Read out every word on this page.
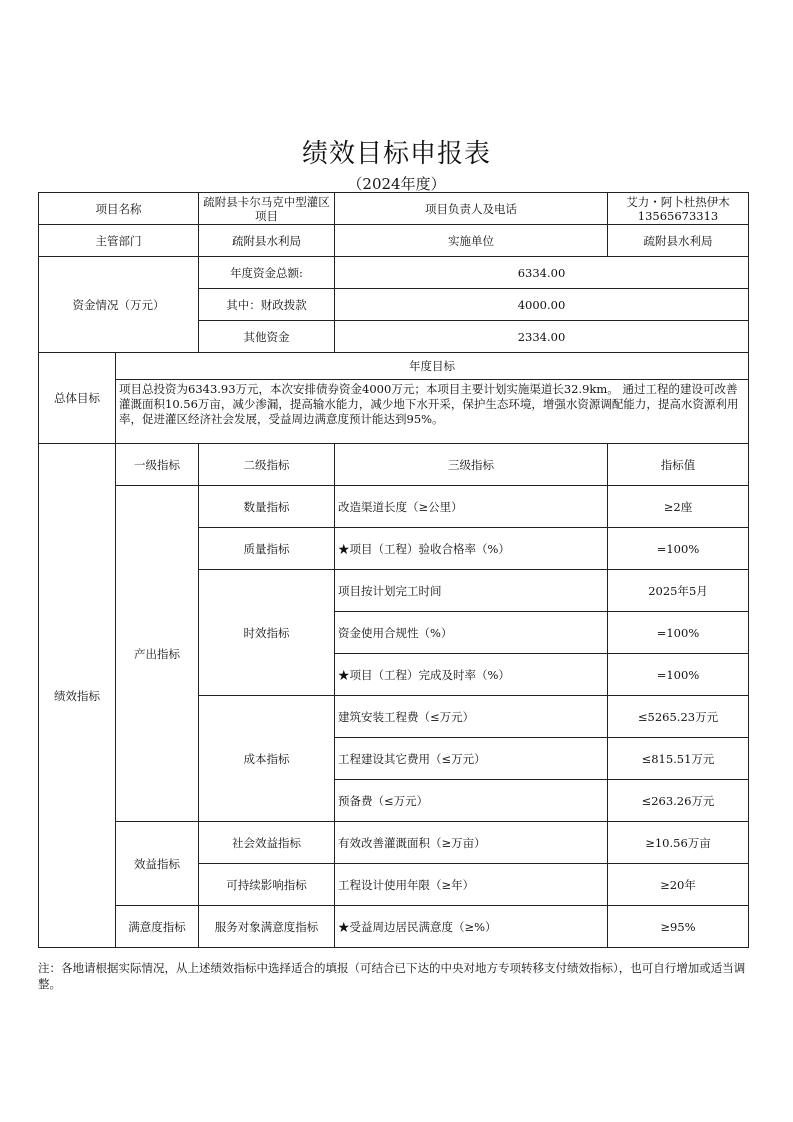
绩效目标申报表
（2024年度）
项目名称		疏附县卡尔马克中型灌区项目	项目负责人及电话	艾力・阿卜杜热伊木 13565673313
主管部门		疏附县水利局	实施单位	疏附县水利局
资金情况（万元）		年度资金总额:	6334.00	
		其中：财政拨款	4000.00	
		其他资金	2334.00	
总体目标	年度目标			
	项目总投资为6343.93万元，本次安排债券资金4000万元；本项目主要计划实施渠道长32.9km。 通过工程的建设可改善灌溉面积10.56万亩，减少渗漏，提高输水能力，减少地下水开采，保护生态环境，增强水资源调配能力，提高水资源利用率，促进灌区经济社会发展，受益周边满意度预计能达到95%。			
绩效指标	一级指标	二级指标	三级指标	指标值
	产出指标	数量指标	改造渠道长度（≥公里）	≥2座
		质量指标	★项目（工程）验收合格率（%）	=100%
		时效指标	项目按计划完工时间	2025年5月
			资金使用合规性（%）	=100%
			★项目（工程）完成及时率（%）	=100%
		成本指标	建筑安装工程费（≤万元）	≤5265.23万元
			工程建设其它费用（≤万元）	≤815.51万元
			预备费（≤万元）	≤263.26万元
	效益指标	社会效益指标	有效改善灌溉面积（≥万亩）	≥10.56万亩
		可持续影响指标	工程设计使用年限（≥年）	≥20年
	满意度指标	服务对象满意度指标	★受益周边居民满意度（≥%）	≥95%
注：各地请根据实际情况，从上述绩效指标中选择适合的填报（可结合已下达的中央对地方专项转移支付绩效指标），也可自行增加或适当调整。
